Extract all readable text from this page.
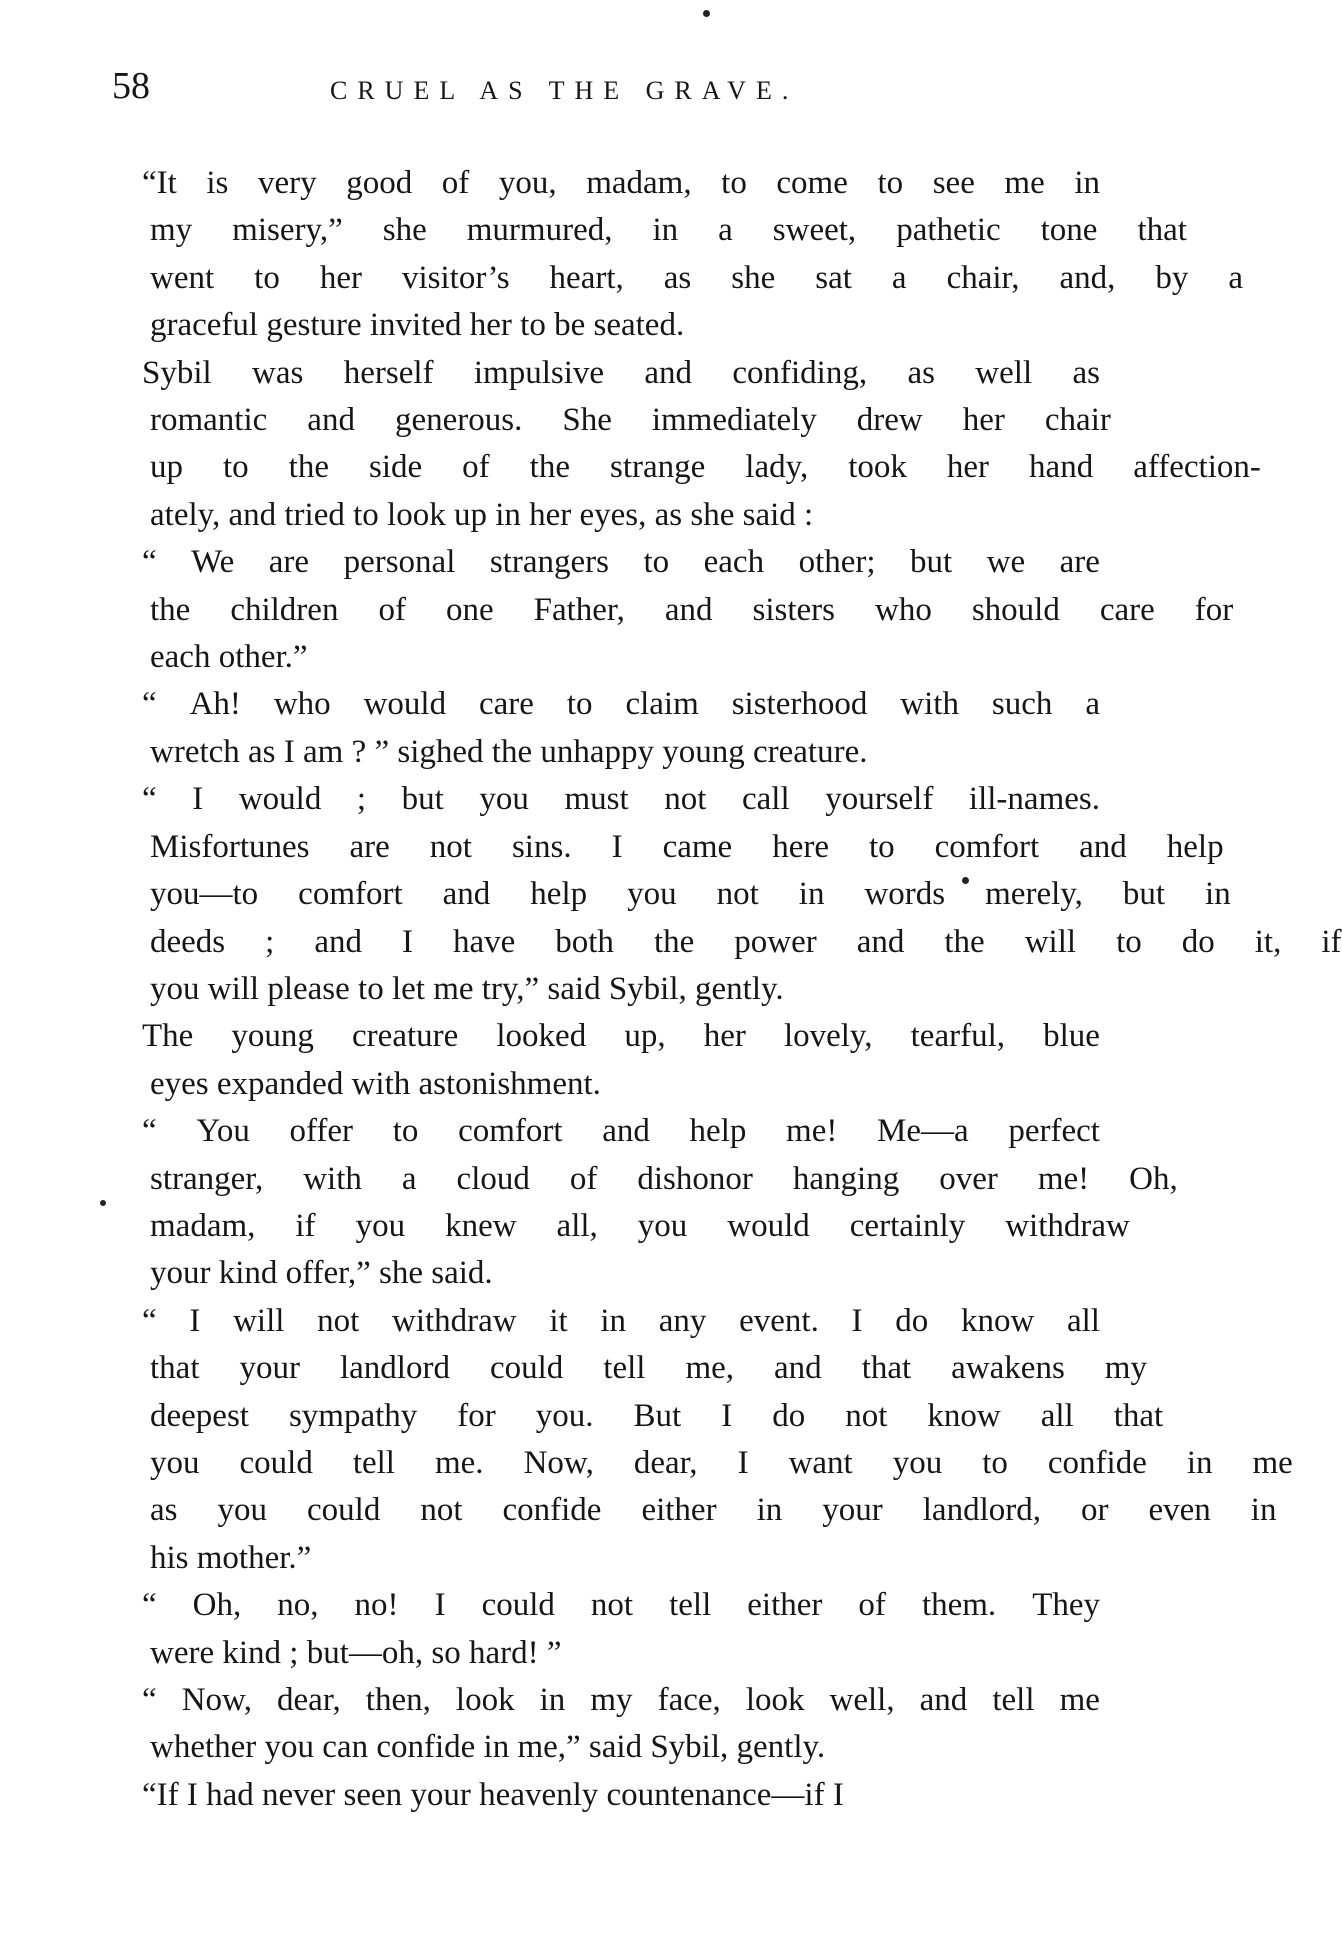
58	CRUEL AS THE GRAVE.

“It is very good of you, madam, to come to see me in
my	misery,”	she	murmured,	in	a	sweet,	pathetic	tone	that
went	to	her	visitor’s	heart,	as	she	sat	a	chair,	and,	by	a
graceful gesture invited her to be seated.

Sybil was herself impulsive and confiding, as well as
romantic	and	generous.	She	immediately	drew	her	chair
up	to	the	side	of	the	strange	lady,	took	her	hand	affection-
ately, and tried to look up in her eyes, as she said :

“ We are personal strangers to each other; but we are
the	children	of	one	Father,	and	sisters	who	should	care	for
each other.”

“ Ah! who would care to claim sisterhood with such a
wretch as I am ? ” sighed the unhappy young creature.

“ I would ; but you must not call yourself ill-names.
Misfortunes	are	not	sins.	I	came	here	to	comfort	and	help
you—to	comfort	and	help	you	not	in	words	merely,	but	in
deeds	;	and	I	have	both	the	power	and	the	will	to	do	it,	if
you will please to let me try,” said Sybil, gently.

The young creature looked up, her lovely, tearful, blue
eyes expanded with astonishment.

“ You offer to comfort and help me! Me—a perfect
stranger,	with	a	cloud	of	dishonor	hanging	over	me!	Oh,
madam,	if	you	knew	all,	you	would	certainly	withdraw
your kind offer,” she said.

“ I will not withdraw it in any event. I do know all
that	your	landlord	could	tell	me,	and	that	awakens	my
deepest	sympathy	for	you.	But	I	do	not	know	all	that
you	could	tell	me.	Now,	dear,	I	want	you	to	confide	in	me
as	you	could	not	confide	either	in	your	landlord,	or	even	in
his mother.”

“ Oh, no, no! I could not tell either of them. They
were kind ; but—oh, so hard! ”

“ Now, dear, then, look in my face, look well, and tell me
whether you can confide in me,” said Sybil, gently.

“If I had never seen your heavenly countenance—if I
